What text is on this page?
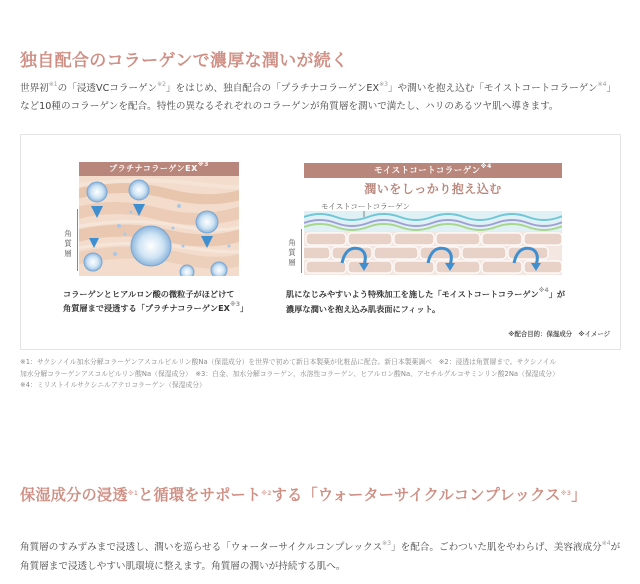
独自配合のコラーゲンで濃厚な潤いが続く

世界初$^{※1}$の「浸透VCコラーゲン$^{※2}$」をはじめ、独自配合の「プラチナコラーゲンEX$^{※3}$」や潤いを抱え込む「モイストコートコラーゲン$^{※4}$」など10種のコラーゲンを配合。特性の異なるそれぞれのコラーゲンが角質層を潤いで満たし、ハリのあるツヤ肌へ導きます。

角質層
プラチナコラーゲンEX$^{※3}$
コラーゲンとヒアルロン酸の微粒子がほどけて
角質層まで浸透する「プラチナコラーゲンEX$^{※3}$」
角質層
モイストコートコラーゲン$^{※4}$
潤いをしっかり抱え込む
モイストコートコラーゲン
肌になじみやすいよう特殊加工を施した「モイストコートコラーゲン$^{※4}$」が
濃厚な潤いを抱え込み肌表面にフィット。
※配合目的：保湿成分　※イメージ
※1：サクシノイル加水分解コラーゲンアスコルビルリン酸Na（保湿成分）を世界で初めて新日本製薬が化粧品に配合。新日本製薬調べ　※2：浸透は角質層まで。サクシノイル
加水分解コラーゲンアスコルビルリン酸Na（保湿成分）　※3：白金、加水分解コラーゲン、水溶性コラーゲン、ヒアルロン酸Na、アセチルグルコサミンリン酸2Na（保湿成分）
※4：ミリストイルサクシニルアテロコラーゲン（保湿成分）
保湿成分の浸透$^{※1}$と循環をサポート$^{※2}$する「ウォーターサイクルコンプレックス$^{※3}$」

角質層のすみずみまで浸透し、潤いを巡らせる「ウォーターサイクルコンプレックス$^{※3}$」を配合。ごわついた肌をやわらげ、美容液成分$^{※4}$が角質層まで浸透しやすい肌環境に整えます。角質層の潤いが持続する肌へ。
